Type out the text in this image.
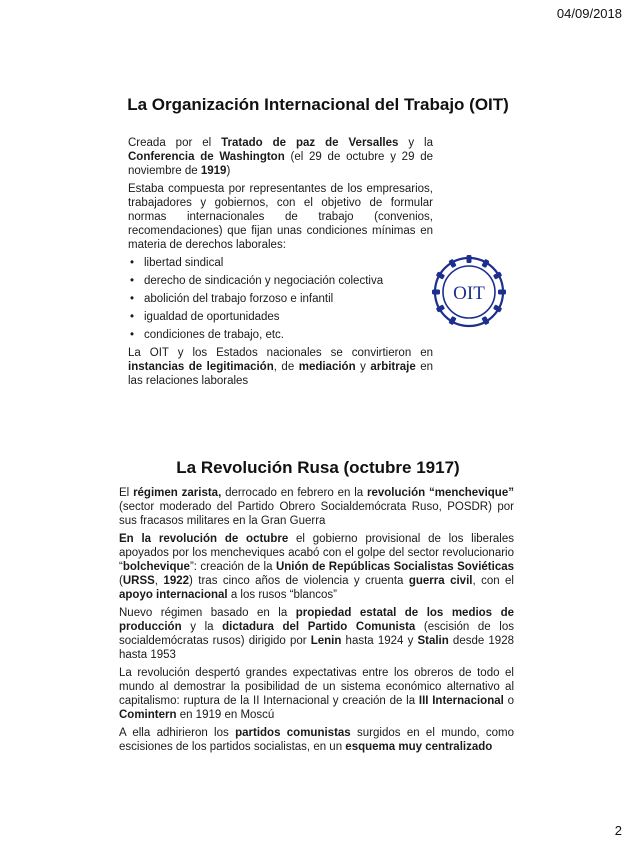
04/09/2018
La Organización Internacional del Trabajo (OIT)

Creada por el Tratado de paz de Versalles y la Conferencia de Washington (el 29 de octubre y 29 de noviembre de 1919)

Estaba compuesta por representantes de los empresarios, trabajadores y gobiernos, con el objetivo de formular normas internacionales de trabajo (convenios, recomendaciones) que fijan unas condiciones mínimas en materia de derechos laborales:

• libertad sindical
• derecho de sindicación y negociación colectiva
• abolición del trabajo forzoso e infantil
• igualdad de oportunidades
• condiciones de trabajo, etc.

La OIT y los Estados nacionales se convirtieron en instancias de legitimación, de mediación y arbitraje en las relaciones laborales

OIT
La Revolución Rusa (octubre 1917)

El régimen zarista, derrocado en febrero en la revolución “menchevique” (sector moderado del Partido Obrero Socialdemócrata Ruso, POSDR) por sus fracasos militares en la Gran Guerra

En la revolución de octubre el gobierno provisional de los liberales apoyados por los mencheviques acabó con el golpe del sector revolucionario “bolchevique”: creación de la Unión de Repúblicas Socialistas Soviéticas (URSS, 1922) tras cinco años de violencia y cruenta guerra civil, con el apoyo internacional a los rusos “blancos”

Nuevo régimen basado en la propiedad estatal de los medios de producción y la dictadura del Partido Comunista (escisión de los socialdemócratas rusos) dirigido por Lenin hasta 1924 y Stalin desde 1928 hasta 1953

La revolución despertó grandes expectativas entre los obreros de todo el mundo al demostrar la posibilidad de un sistema económico alternativo al capitalismo: ruptura de la II Internacional y creación de la III Internacional o Comintern en 1919 en Moscú

A ella adhirieron los partidos comunistas surgidos en el mundo, como escisiones de los partidos socialistas, en un esquema muy centralizado

2
